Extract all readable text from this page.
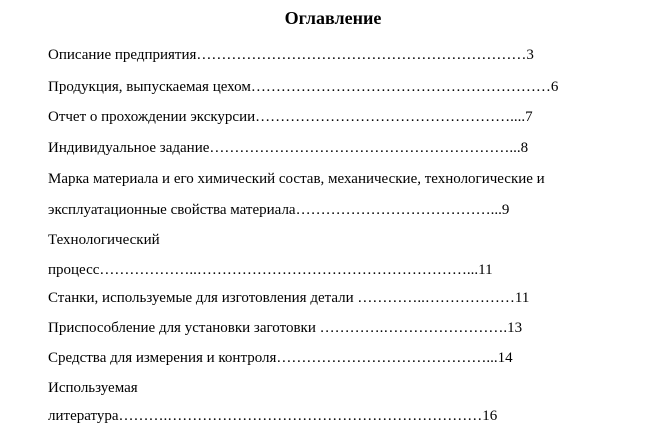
Оглавление
Описание предприятия…………………………………………………………3
Продукция, выпускаемая цехом……………………………………………………6
Отчет о прохождении экскурсии……………………………………………....7
Индивидуальное задание……………………………………………………...8
Марка материала и его химический состав, механические, технологические и
эксплуатационные свойства материала…………………………………...9
Технологический
процесс………………..………………………………………………...11
Станки, используемые для изготовления детали …………..………………11
Приспособление для установки заготовки ………….…………………….13
Средства для измерения и контроля……………………………………...14
Используемая
литература……….………………………………………………………16
